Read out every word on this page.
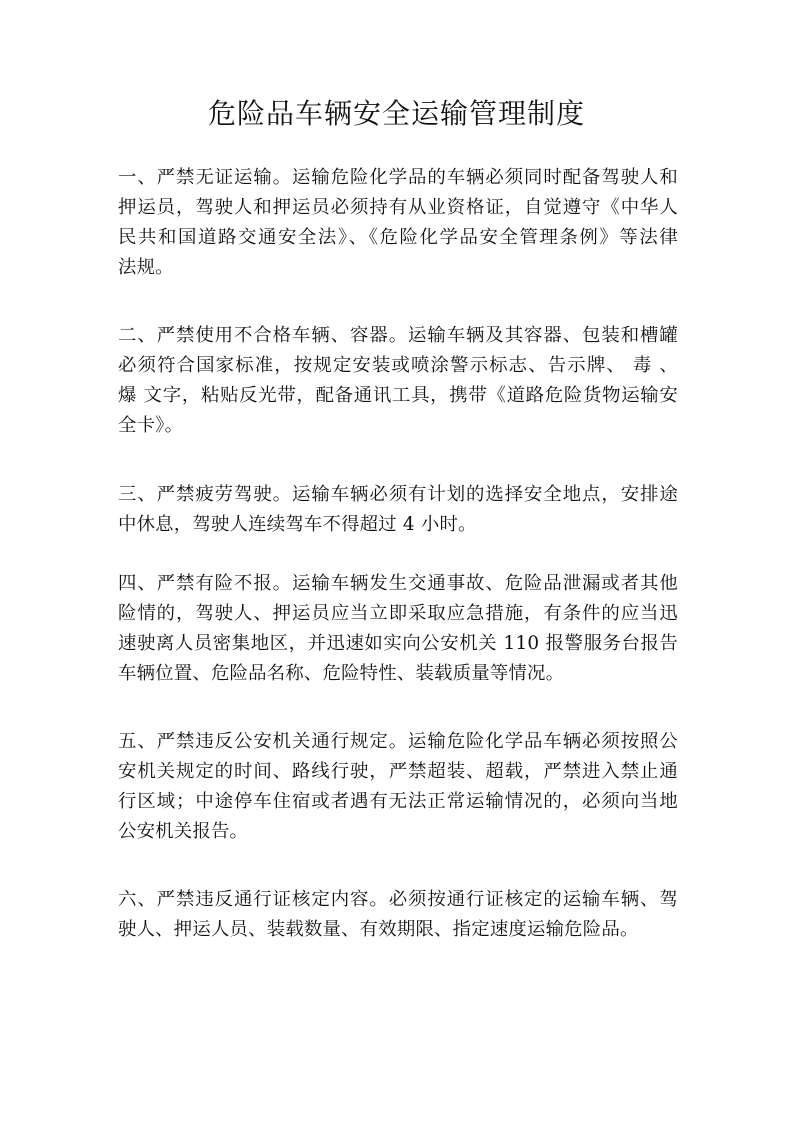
危险品车辆安全运输管理制度
一、严禁无证运输。运输危险化学品的车辆必须同时配备驾驶人和
押运员，驾驶人和押运员必须持有从业资格证，自觉遵守《中华人
民共和国道路交通安全法》、《危险化学品安全管理条例》等法律
法规。
二、严禁使用不合格车辆、容器。运输车辆及其容器、包装和槽罐
必须符合国家标准，按规定安装或喷涂警示标志、告示牌、 毒 、
爆 文字，粘贴反光带，配备通讯工具，携带《道路危险货物运输安
全卡》。
三、严禁疲劳驾驶。运输车辆必须有计划的选择安全地点，安排途
中休息，驾驶人连续驾车不得超过 4 小时。
四、严禁有险不报。运输车辆发生交通事故、危险品泄漏或者其他
险情的，驾驶人、押运员应当立即采取应急措施，有条件的应当迅
速驶离人员密集地区，并迅速如实向公安机关 110 报警服务台报告
车辆位置、危险品名称、危险特性、装载质量等情况。
五、严禁违反公安机关通行规定。运输危险化学品车辆必须按照公
安机关规定的时间、路线行驶，严禁超装、超载，严禁进入禁止通
行区域；中途停车住宿或者遇有无法正常运输情况的，必须向当地
公安机关报告。
六、严禁违反通行证核定内容。必须按通行证核定的运输车辆、驾
驶人、押运人员、装载数量、有效期限、指定速度运输危险品。
